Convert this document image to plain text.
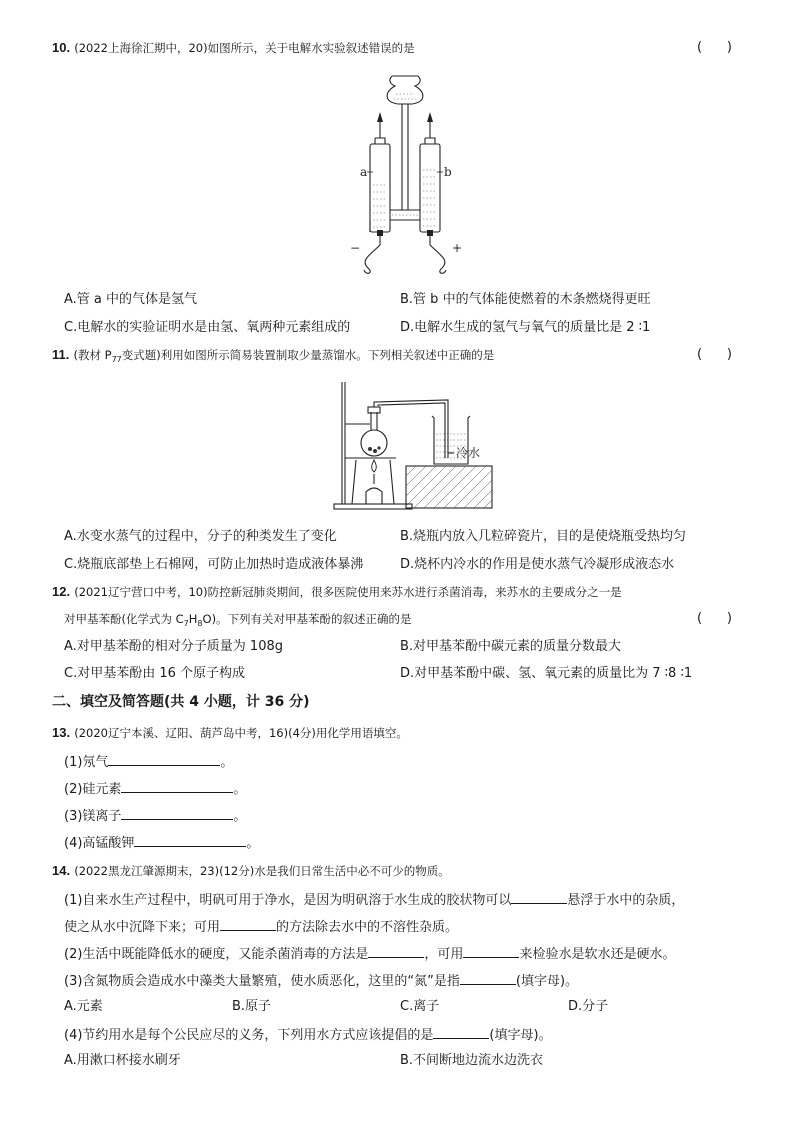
10. (2022上海徐汇期中，20)如图所示，关于电解水实验叙述错误的是	(      )
a	b
−	+
A.管 a 中的气体是氢气	B.管 b 中的气体能使燃着的木条燃烧得更旺
C.电解水的实验证明水是由氢、氧两种元素组成的	D.电解水生成的氢气与氧气的质量比是 2 ∶1
11. (教材 $P_{77}$变式题)利用如图所示简易装置制取少量蒸馏水。下列相关叙述中正确的是	(      )
冷水
A.水变水蒸气的过程中，分子的种类发生了变化	B.烧瓶内放入几粒碎瓷片，目的是使烧瓶受热均匀
C.烧瓶底部垫上石棉网，可防止加热时造成液体暴沸	D.烧杯内冷水的作用是使水蒸气冷凝形成液态水
12. (2021辽宁营口中考，10)防控新冠肺炎期间，很多医院使用来苏水进行杀菌消毒，来苏水的主要成分之一是
对甲基苯酚(化学式为 $C_7H_8O$)。下列有关对甲基苯酚的叙述正确的是	(      )
A.对甲基苯酚的相对分子质量为 108g	B.对甲基苯酚中碳元素的质量分数最大
C.对甲基苯酚由 16 个原子构成	D.对甲基苯酚中碳、氢、氧元素的质量比为 7 ∶8 ∶1
二、填空及简答题(共 4 小题，计 36 分)
13. (2020辽宁本溪、辽阳、葫芦岛中考，16)(4分)用化学用语填空。
(1)氖气	。
(2)硅元素	。
(3)镁离子	。
(4)高锰酸钾	。
14. (2022黑龙江肇源期末，23)(12分)水是我们日常生活中必不可少的物质。
(1)自来水生产过程中，明矾可用于净水，是因为明矾溶于水生成的胶状物可以	悬浮于水中的杂质，
使之从水中沉降下来；可用	的方法除去水中的不溶性杂质。
(2)生活中既能降低水的硬度，又能杀菌消毒的方法是	，可用	来检验水是软水还是硬水。
(3)含氮物质会造成水中藻类大量繁殖，使水质恶化，这里的“氮”是指	(填字母)。
A.元素	B.原子	C.离子	D.分子
(4)节约用水是每个公民应尽的义务，下列用水方式应该提倡的是	(填字母)。
A.用漱口杯接水刷牙	B.不间断地边流水边洗衣
